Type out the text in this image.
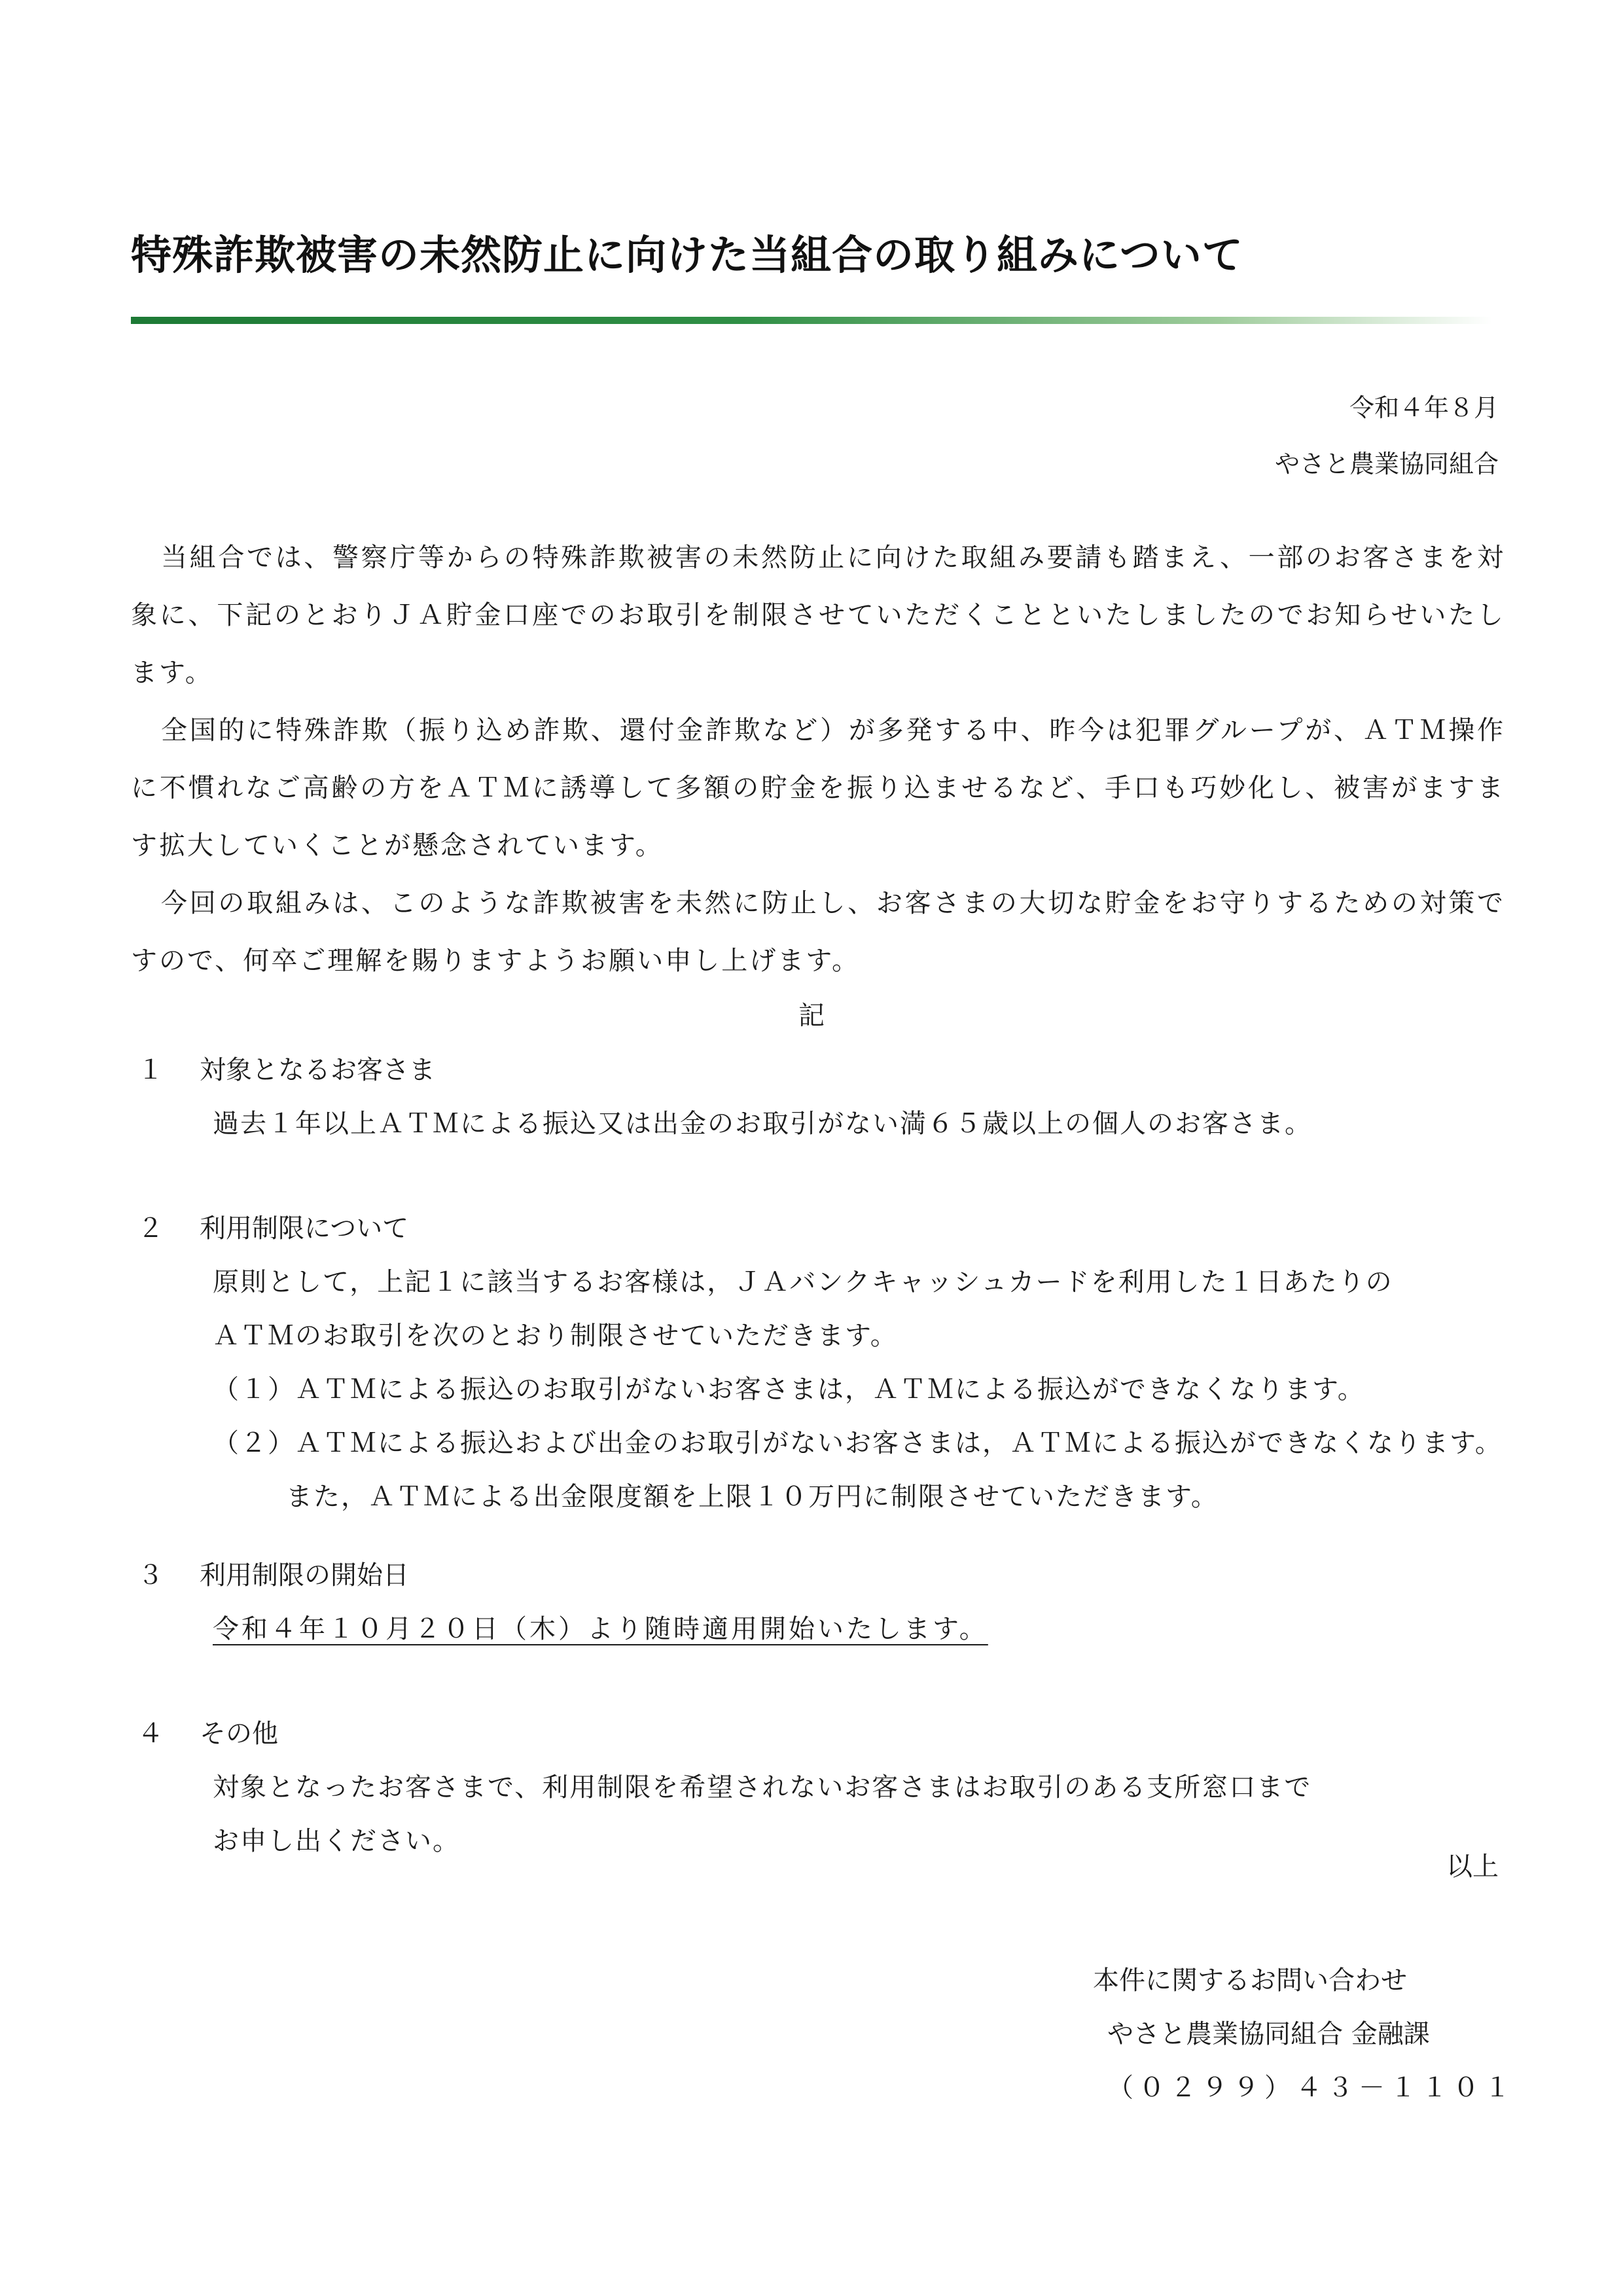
特殊詐欺被害の未然防止に向けた当組合の取り組みについて
令和４年８月
やさと農業協同組合

当組合では、警察庁等からの特殊詐欺被害の未然防止に向けた取組み要請も踏まえ、一部のお客さまを対象に、下記のとおりＪＡ貯金口座でのお取引を制限させていただくことといたしましたのでお知らせいたします。

全国的に特殊詐欺（振り込め詐欺、還付金詐欺など）が多発する中、昨今は犯罪グループが、ＡＴＭ操作に不慣れなご高齢の方をＡＴＭに誘導して多額の貯金を振り込ませるなど、手口も巧妙化し、被害がますます拡大していくことが懸念されています。

今回の取組みは、このような詐欺被害を未然に防止し、お客さまの大切な貯金をお守りするための対策ですので、何卒ご理解を賜りますようお願い申し上げます。

記
１ 対象となるお客さま
過去１年以上ＡＴＭによる振込又は出金のお取引がない満６５歳以上の個人のお客さま。
２ 利用制限について
原則として，上記１に該当するお客様は，ＪＡバンクキャッシュカードを利用した１日あたりの
ＡＴＭのお取引を次のとおり制限させていただきます。
（１）ＡＴＭによる振込のお取引がないお客さまは，ＡＴＭによる振込ができなくなります。
（２）ＡＴＭによる振込および出金のお取引がないお客さまは，ＡＴＭによる振込ができなくなります。
また，ＡＴＭによる出金限度額を上限１０万円に制限させていただきます。
３ 利用制限の開始日
令和４年１０月２０日（木）より随時適用開始いたします。
４ その他
対象となったお客さまで、利用制限を希望されないお客さまはお取引のある支所窓口まで
お申し出ください。
以上
本件に関するお問い合わせ
やさと農業協同組合 金融課
（０２９９）４３－１１０１
